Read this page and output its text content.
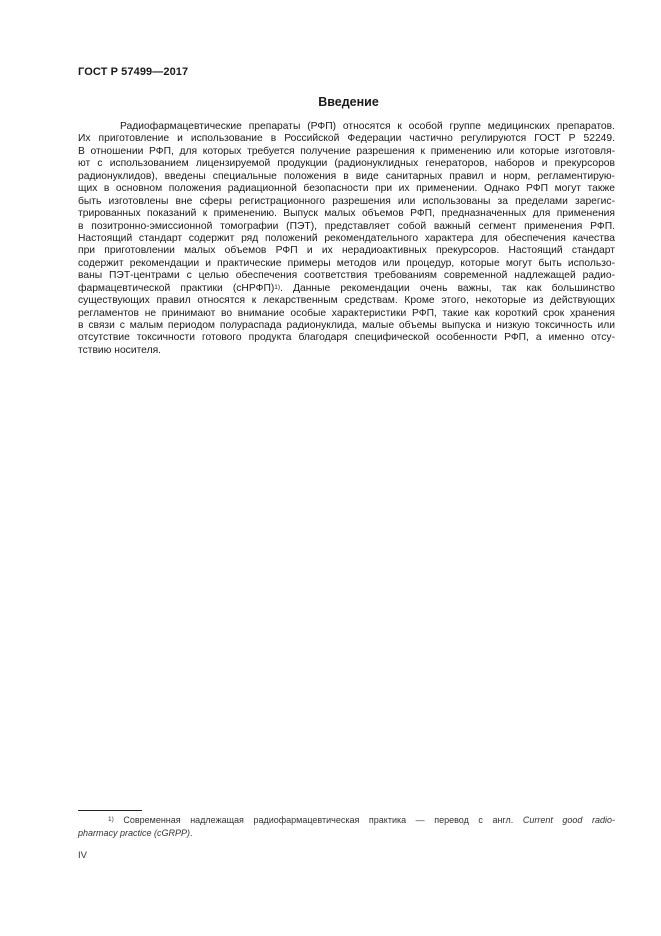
ГОСТ Р 57499—2017
Введение
Радиофармацевтические препараты (РФП) относятся к особой группе медицинских препаратов.
Их приготовление и использование в Российской Федерации частично регулируются ГОСТ Р 52249.
В отношении РФП, для которых требуется получение разрешения к применению или которые изготовля-
ют с использованием лицензируемой продукции (радионуклидных генераторов, наборов и прекурсоров
радионуклидов), введены специальные положения в виде санитарных правил и норм, регламентирую-
щих в основном положения радиационной безопасности при их применении. Однако РФП могут также
быть изготовлены вне сферы регистрационного разрешения или использованы за пределами зарегис-
трированных показаний к применению. Выпуск малых объемов РФП, предназначенных для применения
в позитронно-эмиссионной томографии (ПЭТ), представляет собой важный сегмент применения РФП.
Настоящий стандарт содержит ряд положений рекомендательного характера для обеспечения качества
при приготовлении малых объемов РФП и их нерадиоактивных прекурсоров. Настоящий стандарт
содержит рекомендации и практические примеры методов или процедур, которые могут быть использо-
ваны ПЭТ-центрами с целью обеспечения соответствия требованиям современной надлежащей радио-
фармацевтической практики (сНРФП)$^{1)}$. Данные рекомендации очень важны, так как большинство
существующих правил относятся к лекарственным средствам. Кроме этого, некоторые из действующих
регламентов не принимают во внимание особые характеристики РФП, такие как короткий срок хранения
в связи с малым периодом полураспада радионуклида, малые объемы выпуска и низкую токсичность или
отсутствие токсичности готового продукта благодаря специфической особенности РФП, а именно отсу-
тствию носителя.
$^{1)}$ Современная надлежащая радиофармацевтическая практика — перевод с англ. Current good radio-
pharmacy practice (cGRPP).
IV
